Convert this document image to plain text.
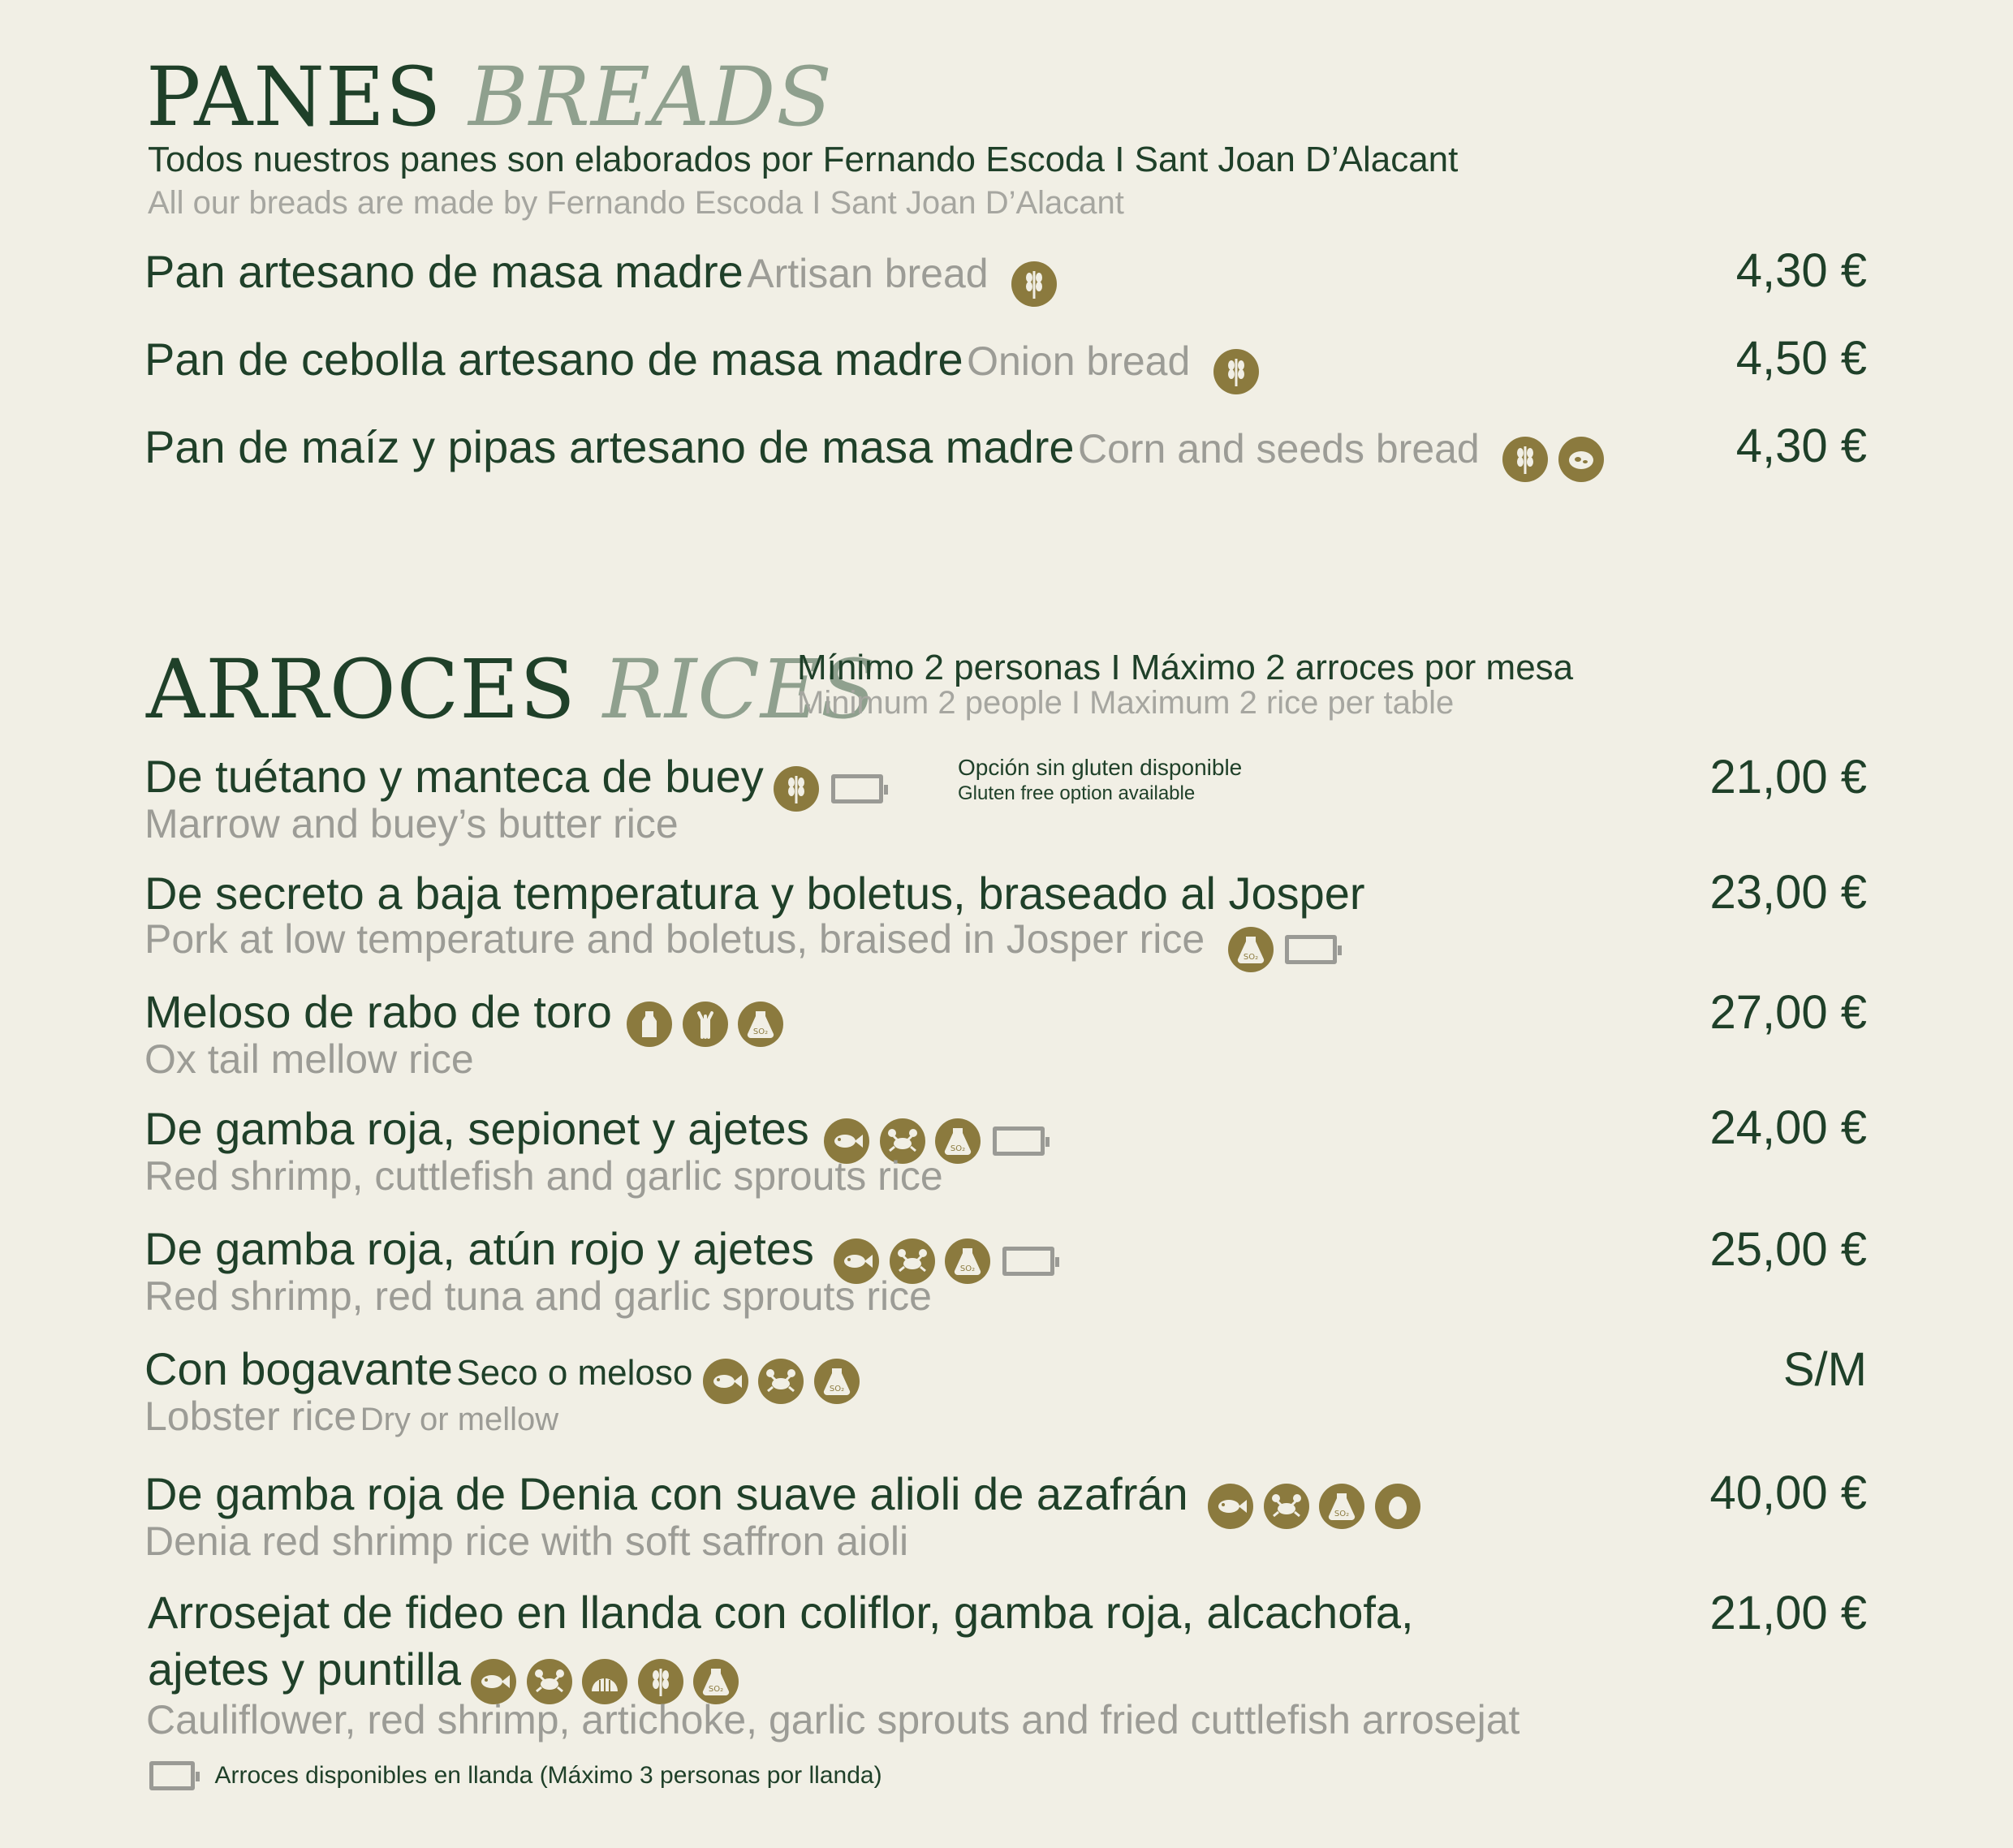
PANES BREADS
Todos nuestros panes son elaborados por Fernando Escoda I Sant Joan D’Alacant
All our breads are made by Fernando Escoda I Sant Joan D’Alacant
Pan artesano de masa madre Artisan bread	4,30 €
Pan de cebolla artesano de masa madre Onion bread	4,50 €
Pan de maíz y pipas artesano de masa madre Corn and seeds bread
	4,30 €
ARROCES RICES
Mínimo 2 personas I Máximo 2 arroces por mesa
Minimum 2 people I Maximum 2 rice per table
De tuétano y manteca de buey
	Opción sin gluten disponible
Gluten free option available
Marrow and buey’s butter rice
21,00 €
De secreto a baja temperatura y boletus, braseado al Josper
Pork at low temperature and boletus, braised in Josper rice

23,00 €
Meloso de rabo de toro

Ox tail mellow rice
27,00 €
De gamba roja, sepionet y ajetes

Red shrimp, cuttlefish and garlic sprouts rice
24,00 €
De gamba roja, atún rojo y ajetes

Red shrimp, red tuna and garlic sprouts rice
25,00 €
Con bogavante Seco o meloso

Lobster rice Dry or mellow
S/M
De gamba roja de Denia con suave alioli de azafrán

Denia red shrimp rice with soft saffron aioli
40,00 €
Arrosejat de fideo en llanda con coliflor, gamba roja, alcachofa,
ajetes y puntilla

Cauliflower, red shrimp, artichoke, garlic sprouts and fried cuttlefish arrosejat
21,00 €
Arroces disponibles en llanda (Máximo 3 personas por llanda)
